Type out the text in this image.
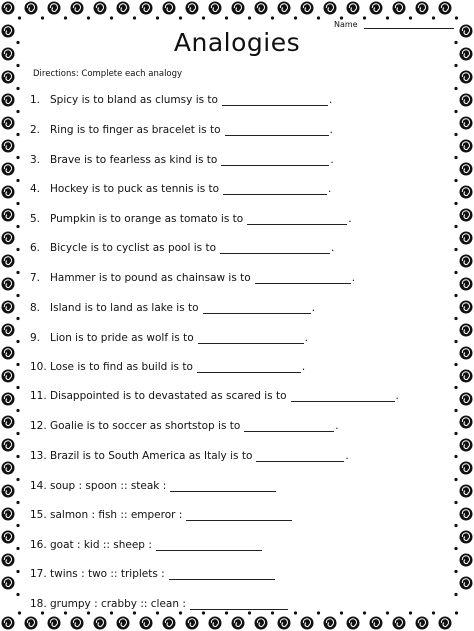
Name
Analogies
Directions: Complete each analogy
1. Spicy is to bland as clumsy is to	.
2. Ring is to finger as bracelet is to	.
3. Brave is to fearless as kind is to	.
4. Hockey is to puck as tennis is to	.
5. Pumpkin is to orange as tomato is to	.
6. Bicycle is to cyclist as pool is to	.
7. Hammer is to pound as chainsaw is to	.
8. Island is to land as lake is to	.
9. Lion is to pride as wolf is to	.
10. Lose is to find as build is to	.
11. Disappointed is to devastated as scared is to	.
12. Goalie is to soccer as shortstop is to	.
13. Brazil is to South America as Italy is to	.
14. soup : spoon :: steak :
15. salmon : fish :: emperor :
16. goat : kid :: sheep :
17. twins : two :: triplets :
18. grumpy : crabby :: clean :
